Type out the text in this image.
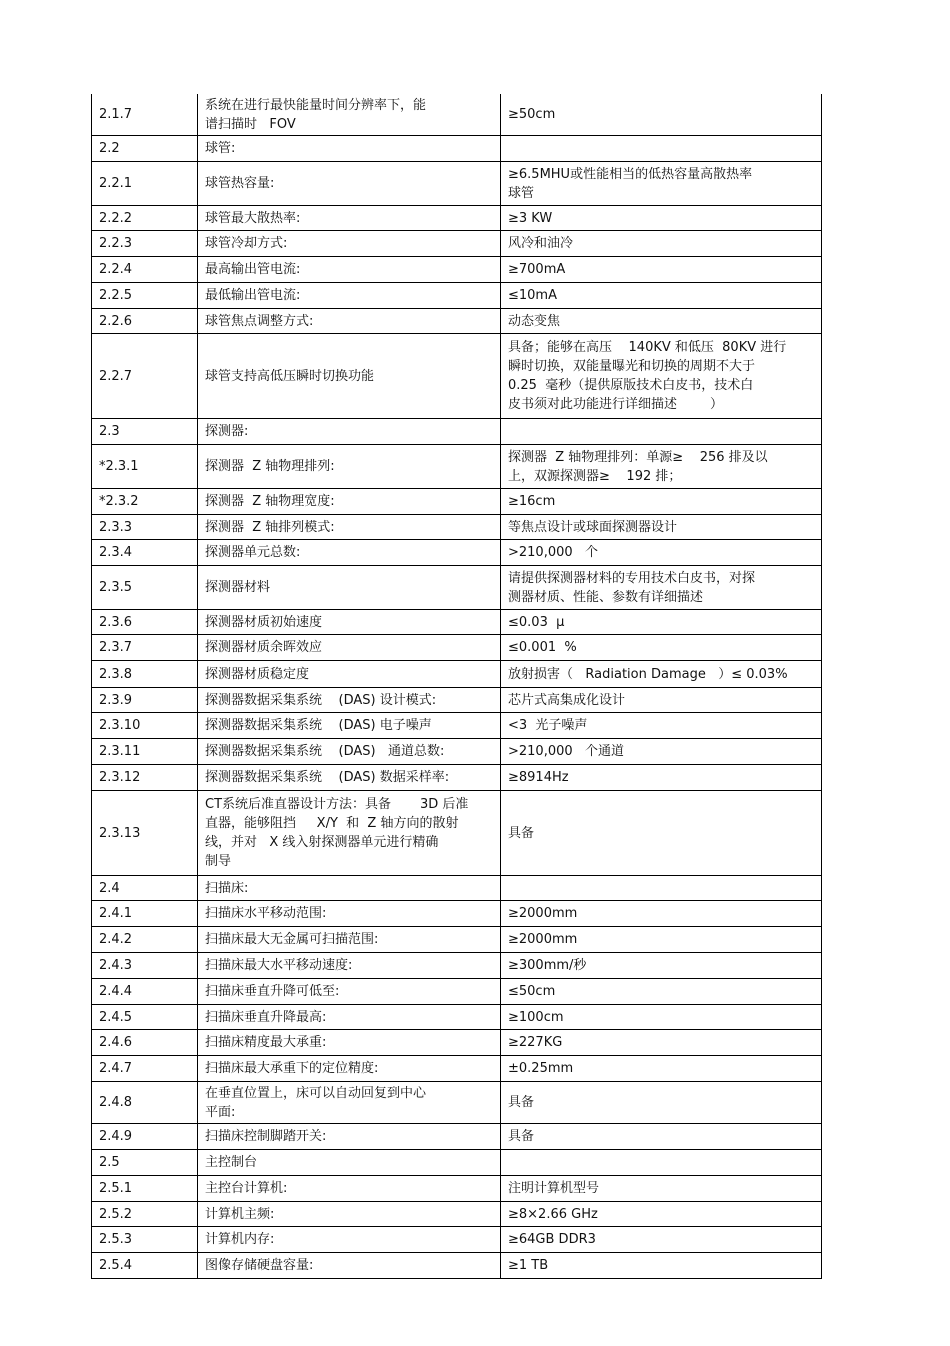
2.1.7	系统在进行最快能量时间分辨率下，能
谱扫描时   FOV	≥50cm
2.2	球管:	
2.2.1	球管热容量:	≥6.5MHU或性能相当的低热容量高散热率
球管
2.2.2	球管最大散热率:	≥3 KW
2.2.3	球管冷却方式:	风冷和油冷
2.2.4	最高输出管电流:	≥700mA
2.2.5	最低输出管电流:	≤10mA
2.2.6	球管焦点调整方式:	动态变焦
2.2.7	球管支持高低压瞬时切换功能	具备；能够在高压    140KV 和低压  80KV 进行
瞬时切换，双能量曝光和切换的周期不大于
0.25  毫秒（提供原版技术白皮书，技术白
皮书须对此功能进行详细描述        ）
2.3	探测器:	
*2.3.1	探测器  Z 轴物理排列:	探测器  Z 轴物理排列：单源≥    256 排及以
上，双源探测器≥    192 排；
*2.3.2	探测器  Z 轴物理宽度:	≥16cm
2.3.3	探测器  Z 轴排列模式:	等焦点设计或球面探测器设计
2.3.4	探测器单元总数:	>210,000   个
2.3.5	探测器材料	请提供探测器材料的专用技术白皮书，对探
测器材质、性能、参数有详细描述
2.3.6	探测器材质初始速度	≤0.03  μ
2.3.7	探测器材质余晖效应	≤0.001  %
2.3.8	探测器材质稳定度	放射损害（   Radiation Damage   ）≤ 0.03%
2.3.9	探测器数据采集系统    (DAS) 设计模式:	芯片式高集成化设计
2.3.10	探测器数据采集系统    (DAS) 电子噪声	<3  光子噪声
2.3.11	探测器数据采集系统    (DAS)   通道总数:	>210,000   个通道
2.3.12	探测器数据采集系统    (DAS) 数据采样率:	≥8914Hz
2.3.13	CT系统后准直器设计方法：具备       3D 后准
直器，能够阻挡     X/Y  和  Z 轴方向的散射
线，并对   X 线入射探测器单元进行精确
制导	具备
2.4	扫描床:	
2.4.1	扫描床水平移动范围:	≥2000mm
2.4.2	扫描床最大无金属可扫描范围:	≥2000mm
2.4.3	扫描床最大水平移动速度:	≥300mm/秒
2.4.4	扫描床垂直升降可低至:	≤50cm
2.4.5	扫描床垂直升降最高:	≥100cm
2.4.6	扫描床精度最大承重:	≥227KG
2.4.7	扫描床最大承重下的定位精度:	±0.25mm
2.4.8	在垂直位置上，床可以自动回复到中心
平面:	具备
2.4.9	扫描床控制脚踏开关:	具备
2.5	主控制台	
2.5.1	主控台计算机:	注明计算机型号
2.5.2	计算机主频:	≥8×2.66 GHz
2.5.3	计算机内存:	≥64GB DDR3
2.5.4	图像存储硬盘容量:	≥1 TB
